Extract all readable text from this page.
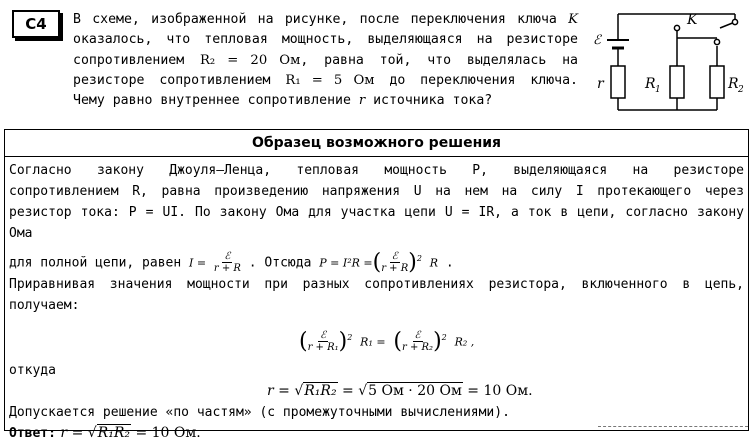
С4	В схеме, изображенной на рисунке, после переключения ключа K
оказалось, что тепловая мощность, выделяющаяся на резисторе
сопротивлением R₂ = 20 Ом, равна той, что выделялась на
резисторе сопротивлением R₁ = 5 Ом до переключения ключа.
Чему равно внутреннее сопротивление r источника тока?
ℰ
r
K
R 1	R 2
Образец возможного решения
Согласно закону Джоуля–Ленца, тепловая мощность P, выделяющаяся на резисторе
сопротивлением R, равна произведению напряжения U на нем на силу I протекающего через
резистор тока: P = UI. По закону Ома для участка цепи U = IR, а ток в цепи, согласно закону Ома
для полной цепи, равен I = ℰ
r + R . Отсюда P = I²R =( ℰ
r + R )$^2$ R .
Приравнивая значения мощности при разных сопротивлениях резистора, включенного в цепь,
получаем:
( ℰ
r + R₁ )$^2$ R₁ = ( ℰ
r + R₂ )$^2$ R₂ ,
откуда
r = √R₁R₂ = √5 Ом · 20 Ом = 10 Ом.
Допускается решение «по частям» (с промежуточными вычислениями).
Ответ: r = √R₁R₂ = 10 Ом.
